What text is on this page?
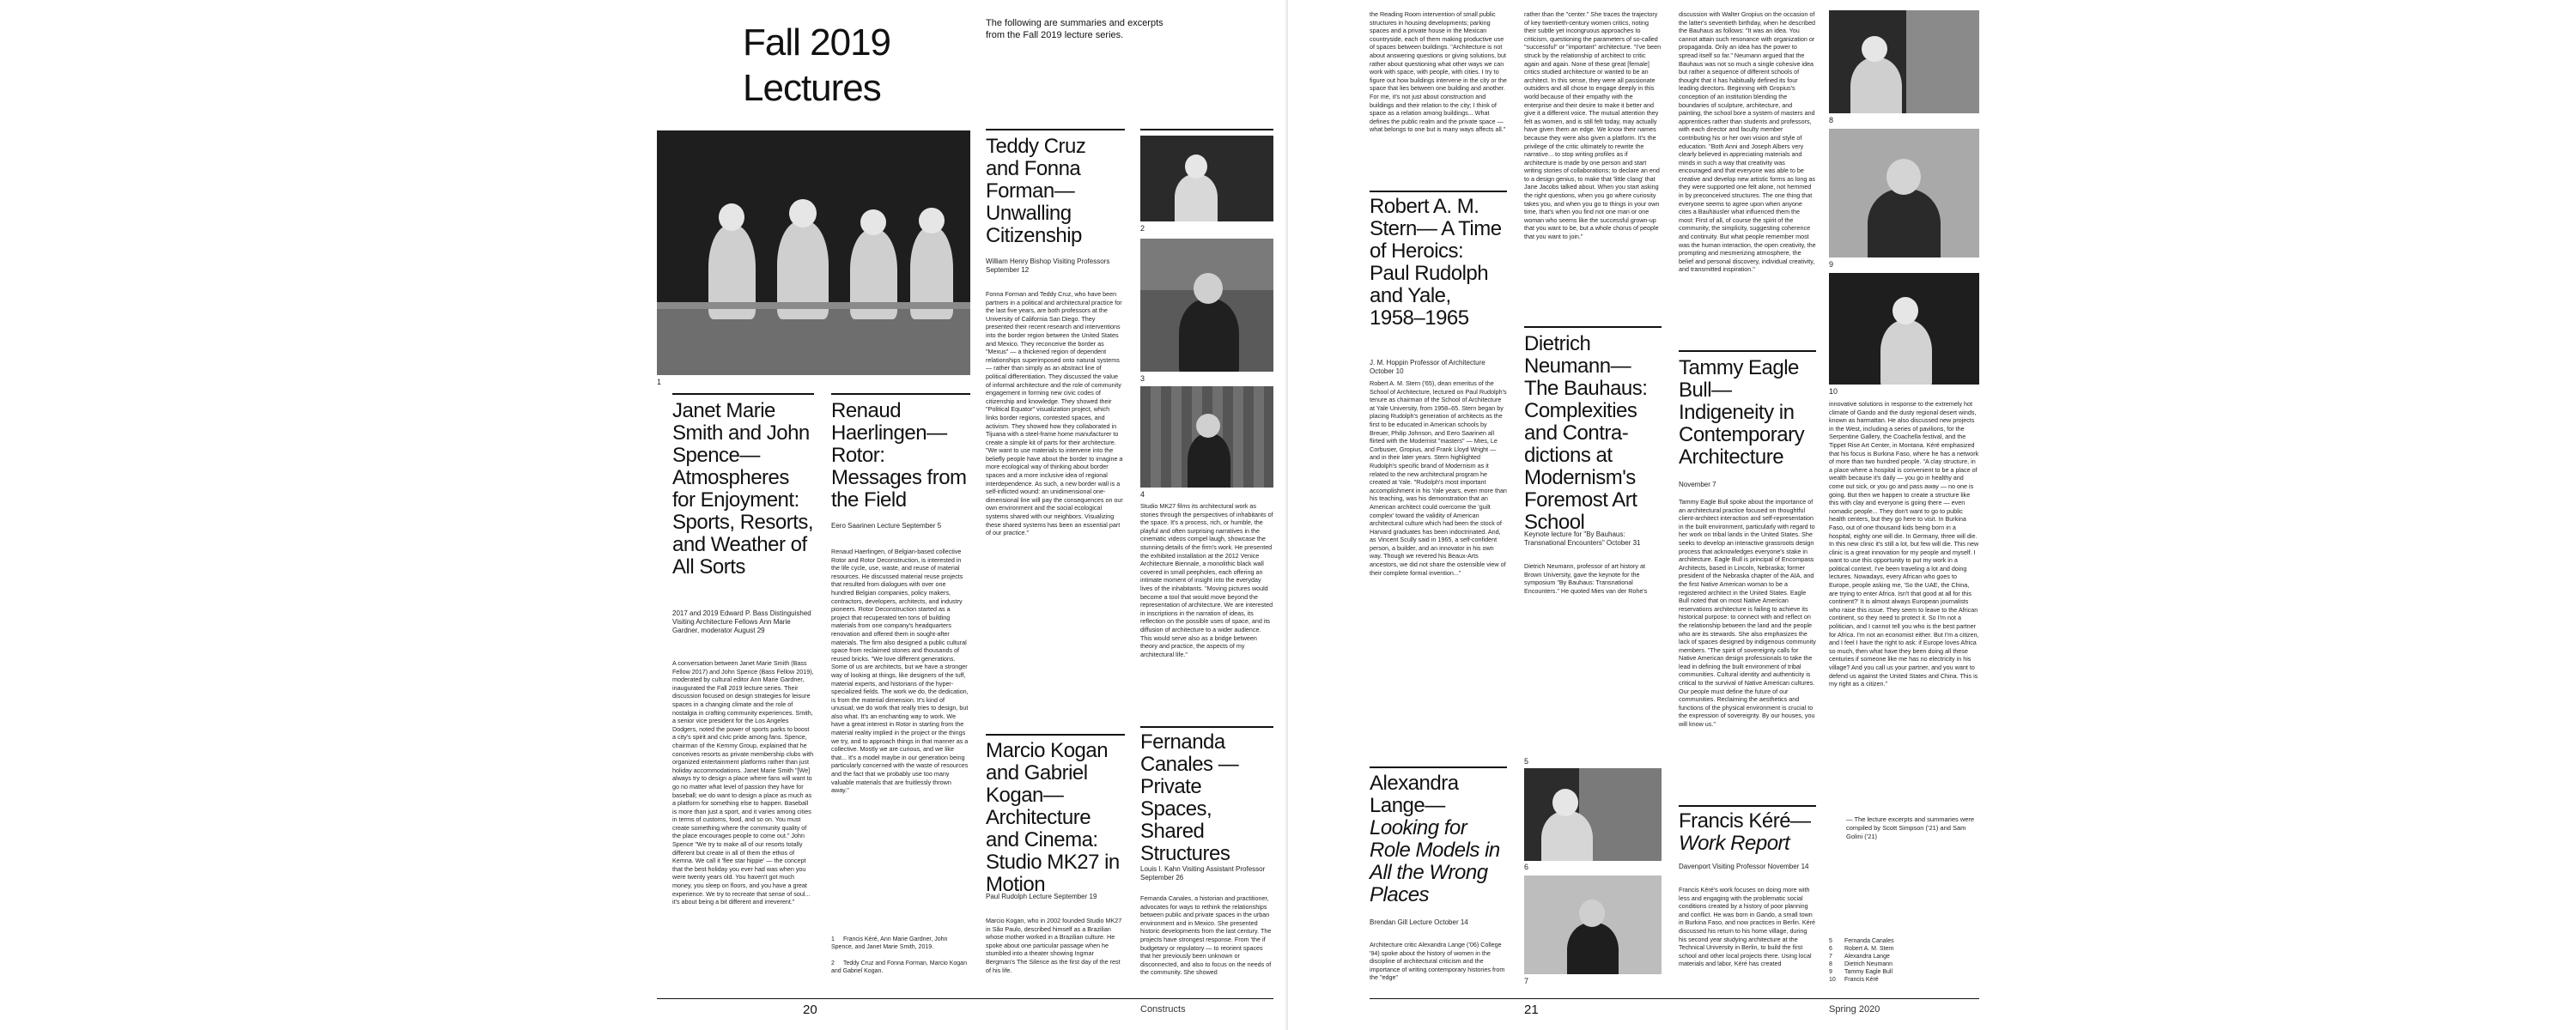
Fall 2019
Lectures
The following are summaries and excerpts from the Fall 2019 lecture series.
1
Janet Marie Smith and John Spence— Atmospheres for Enjoyment: Sports, Resorts, and Weather of All Sorts
2017 and 2019 Edward P. Bass Distinguished Visiting Architecture Fellows Ann Marie Gardner, moderator August 29
A conversation between Janet Marie Smith (Bass Fellow 2017) and John Spence (Bass Fellow 2019), moderated by cultural editor Ann Marie Gardner, inaugurated the Fall 2019 lecture series. Their discussion focused on design strategies for leisure spaces in a changing climate and the role of nostalgia in crafting community experiences. Smith, a senior vice president for the Los Angeles Dodgers, noted the power of sports parks to boost a city's spirit and civic pride among fans. Spence, chairman of the Kemmy Group, explained that he conceives resorts as private membership clubs with organized entertainment platforms rather than just holiday accommodations. Janet Marie Smith "[We] always try to design a place where fans will want to go no matter what level of passion they have for baseball; we do want to design a place as much as a platform for something else to happen. Baseball is more than just a sport, and it varies among cities in terms of customs, food, and so on. You must create something where the community quality of the place encourages people to come out." John Spence "We try to make all of our resorts totally different but create in all of them the ethos of Kemna. We call it 'flee star hippie' — the concept that the best holiday you ever had was when you were twenty years old. You haven't got much money, you sleep on floors, and you have a great experience. We try to recreate that sense of soul... it's about being a bit different and irreverent."
Renaud Haerlingen— Rotor: Messages from the Field
Eero Saarinen Lecture September 5
Renaud Haerlingen, of Belgian-based collective Rotor and Rotor Deconstruction, is interested in the life cycle, use, waste, and reuse of material resources. He discussed material reuse projects that resulted from dialogues with over one hundred Belgian companies, policy makers, contractors, developers, architects, and industry pioneers. Rotor Deconstruction started as a project that recuperated ten tons of building materials from one company's headquarters renovation and offered them in sought-after materials. The firm also designed a public cultural space from reclaimed stones and thousands of reused bricks. "We love different generations. Some of us are architects, but we have a stronger way of looking at things, like designers of the tuff, material experts, and historians of the hyper-specialized fields. The work we do, the dedication, is from the material dimension. It's kind of unusual; we do work that really tries to design, but also what. It's an enchanting way to work. We have a great interest in Rotor in starting from the material reality implied in the project or the things we try, and to approach things in that manner as a collective. Mostly we are curious, and we like that... It's a model maybe in our generation being particularly concerned with the waste of resources and the fact that we probably use too many valuable materials that are fruitlessly thrown away."
1 Francis Kéré, Ann Marie Gardner, John Spence, and Janet Marie Smith, 2019.
2 Teddy Cruz and Fonna Forman, Marcio Kogan and Gabriel Kogan.
Teddy Cruz and Fonna Forman— Unwalling Citizenship
William Henry Bishop Visiting Professors September 12
Fonna Forman and Teddy Cruz, who have been partners in a political and architectural practice for the last five years, are both professors at the University of California San Diego. They presented their recent research and interventions into the border region between the United States and Mexico. They reconceive the border as "Mexus" — a thickened region of dependent relationships superimposed onto natural systems — rather than simply as an abstract line of political differentiation. They discussed the value of informal architecture and the role of community engagement in forming new civic codes of citizenship and knowledge. They showed their "Political Equator" visualization project, which links border regions, contested spaces, and activism. They showed how they collaborated in Tijuana with a steel-frame home manufacturer to create a simple kit of parts for their architecture. "We want to use materials to intervene into the beliefly people have about the border to imagine a more ecological way of thinking about border spaces and a more inclusive idea of regional interdependence. As such, a new border wall is a self-inflicted wound: an unidimensional one-dimensional line will pay the consequences on our own environment and the social ecological systems shared with our neighbors. Visualizing these shared systems has been an essential part of our practice."
Marcio Kogan and Gabriel Kogan— Architecture and Cinema: Studio MK27 in Motion
Paul Rudolph Lecture September 19
Marcio Kogan, who in 2002 founded Studio MK27 in São Paulo, described himself as a Brazilian whose mother worked in a Brazilian culture. He spoke about one particular passage when he stumbled into a theater showing Ingmar Bergman's The Silence as the first day of the rest of his life.
2
3
4
Studio MK27 films its architectural work as stories through the perspectives of inhabitants of the space. It's a process, rich, or humble, the playful and often surprising narratives in the cinematic videos compel laugh, showcase the stunning details of the firm's work. He presented the exhibited installation at the 2012 Venice Architecture Biennale, a monolithic black wall covered in small peepholes, each offering an intimate moment of insight into the everyday lives of the inhabitants. "Moving pictures would become a tool that would move beyond the representation of architecture. We are interested in inscriptions in the narration of ideas, its reflection on the possible uses of space, and its diffusion of architecture to a wider audience. This would serve also as a bridge between theory and practice, the aspects of my architectural life."
Fernanda Canales —Private Spaces, Shared Structures
Louis I. Kahn Visiting Assistant Professor September 26
Fernanda Canales, a historian and practitioner, advocates for ways to rethink the relationships between public and private spaces in the urban environment and in Mexico. She presented historic developments from the last century. The projects have strongest response. From 'the if budgetary or regulatory — to reorient spaces that her previously been unknown or disconnected, and also to focus on the needs of the community. She showed
20	Constructs
the Reading Room intervention of small public structures in housing developments; parking spaces and a private house in the Mexican countryside, each of them making productive use of spaces between buildings. "Architecture is not about answering questions or giving solutions, but rather about questioning what other ways we can work with space, with people, with cities. I try to figure out how buildings intervene in the city or the space that lies between one building and another. For me, it's not just about construction and buildings and their relation to the city; I think of space as a relation among buildings... What defines the public realm and the private space — what belongs to one but is many ways affects all."
Robert A. M. Stern— A Time of Heroics: Paul Rudolph and Yale, 1958–1965
J. M. Hoppin Professor of Architecture October 10
Robert A. M. Stern ('65), dean emeritus of the School of Architecture, lectured on Paul Rudolph's tenure as chairman of the School of Architecture at Yale University, from 1958–65. Stern began by placing Rudolph's generation of architects as the first to be educated in American schools by Breuer, Philip Johnson, and Eero Saarinen all flirted with the Modernist "masters" — Mies, Le Corbusier, Gropius, and Frank Lloyd Wright — and in their later years. Stern highlighted Rudolph's specific brand of Modernism as it related to the new architectural program he created at Yale. "Rudolph's most important accomplishment in his Yale years, even more than his teaching, was his demonstration that an American architect could overcome the 'guilt complex' toward the validity of American architectural culture which had been the stock of Harvard graduates has been indoctrinated. And, as Vincent Scully said in 1965, a self-confident person, a builder, and an innovator in his own way. Though we revered his Beaux-Arts ancestors, we did not share the ostensible view of their complete formal invention..."
Alexandra Lange— Looking for Role Models in All the Wrong Places
Brendan Gill Lecture October 14
Architecture critic Alexandra Lange ('06) College '94) spoke about the history of women in the discipline of architectural criticism and the importance of writing contemporary histories from the "edge"
rather than the "center." She traces the trajectory of key twentieth-century women critics, noting their subtle yet incongruous approaches to criticism, questioning the parameters of so-called "successful" or "important" architecture. "I've been struck by the relationship of architect to critic again and again. None of these great [female] critics studied architecture or wanted to be an architect. In this sense, they were all passionate outsiders and all chose to engage deeply in this world because of their empathy with the enterprise and their desire to make it better and give it a different voice. The mutual attention they felt as women, and is still felt today, may actually have given them an edge. We know their names because they were also given a platform. It's the privilege of the critic ultimately to rewrite the narrative... to stop writing profiles as if architecture is made by one person and start writing stories of collaborations; to declare an end to a design genius, to make that 'little clang' that Jane Jacobs talked about. When you start asking the right questions, when you go where curiosity takes you, and when you go to things in your own time, that's when you find not one man or one woman who seems like the successful grown-up that you want to be, but a whole chorus of people that you want to join."
Dietrich Neumann— The Bauhaus: Complexities and Contra- dictions at Modernism's Foremost Art School
Keynote lecture for "By Bauhaus: Transnational Encounters" October 31
Dietrich Neumann, professor of art history at Brown University, gave the keynote for the symposium "By Bauhaus: Transnational Encounters." He quoted Mies van der Rohe's
6
7
discussion with Walter Gropius on the occasion of the latter's seventieth birthday, when he described the Bauhaus as follows: "It was an idea. You cannot attain such resonance with organization or propaganda. Only an idea has the power to spread itself so far." Neumann argued that the Bauhaus was not so much a single cohesive idea but rather a sequence of different schools of thought that it has habitually defined its four leading directors. Beginning with Gropius's conception of an institution blending the boundaries of sculpture, architecture, and painting, the school bore a system of masters and apprentices rather than students and professors, with each director and faculty member contributing his or her own vision and style of education. "Both Anni and Joseph Albers very clearly believed in appreciating materials and minds in such a way that creativity was encouraged and that everyone was able to be creative and develop new artistic forms as long as they were supported one felt alone, not hemmed in by preconceived structures. The one thing that everyone seems to agree upon when anyone cites a Bauhäusler what influenced them the most: First of all, of course the spirit of the community, the simplicity, suggesting coherence and continuity. But what people remember most was the human interaction, the open creativity, the prompting and mesmerizing atmosphere, the belief and personal discovery, individual creativity, and transmitted inspiration."
Tammy Eagle Bull— Indigeneity in Contemporary Architecture
November 7
Tammy Eagle Bull spoke about the importance of an architectural practice focused on thoughtful client-architect interaction and self-representation in the built environment, particularly with regard to her work on tribal lands in the United States. She seeks to develop an interactive grassroots design process that acknowledges everyone's stake in architecture. Eagle Bull is principal of Encompass Architects, based in Lincoln, Nebraska; former president of the Nebraska chapter of the AIA, and the first Native American woman to be a registered architect in the United States. Eagle Bull noted that on most Native American reservations architecture is failing to achieve its historical purpose: to connect with and reflect on the relationship between the land and the people who are its stewards. She also emphasizes the lack of spaces designed by indigenous community members. "The spirit of sovereignty calls for Native American design professionals to take the lead in defining the built environment of tribal communities. Cultural identity and authenticity is critical to the survival of Native American cultures. Our people must define the future of our communities. Reclaiming the aesthetics and functions of the physical environment is crucial to the expression of sovereignty. By our houses, you will know us."
Francis Kéré— Work Report
Davenport Visiting Professor November 14
Francis Kéré's work focuses on doing more with less and engaging with the problematic social conditions created by a history of poor planning and conflict. He was born in Gando, a small town in Burkina Faso, and now practices in Berlin. Kéré discussed his return to his home village, during his second year studying architecture at the Technical University in Berlin, to build the first school and other local projects there. Using local materials and labor, Kéré has created
8
9
10
innovative solutions in response to the extremely hot climate of Gando and the dusty regional desert winds, known as harmattan. He also discussed new projects in the West, including a series of pavilions, for the Serpentine Gallery, the Coachella festival, and the Tippet Rise Art Center, in Montana. Kéré emphasized that his focus is Burkina Faso, where he has a network of more than two hundred people. "A clay structure, in a place where a hospital is convenient to be a place of wealth because it's daily — you go in healthy and come out sick, or you go and pass away — no one is going. But then we happen to create a structure like this with clay and everyone is going there — even nomadic people... They don't want to go to public health centers, but they go here to visit. In Burkina Faso, out of one thousand kids being born in a hospital, eighty one will die. In Germany, three will die. In this new clinic it's still a lot, but few will die. This new clinic is a great innovation for my people and myself. I want to use this opportunity to put my work in a political context. I've been traveling a lot and doing lectures. Nowadays, every African who goes to Europe, people asking me, 'So the UAE, the China, are trying to enter Africa. Isn't that good at all for this continent?' It is almost always European journalists who raise this issue. They seem to leave to the African continent, so they need to protect it. So I'm not a politician, and I cannot tell you who is the best partner for Africa. I'm not an economist either. But I'm a citizen, and I feel I have the right to ask: if Europe loves Africa so much, then what have they been doing all these centuries if someone like me has no electricity in his village? And you call us your partner, and you want to defend us against the United States and China. This is my right as a citizen."
— The lecture excerpts and summaries were compiled by Scott Simpson ('21) and Sam Golini ('21)
5 Fernanda Canales
6 Robert A. M. Stern
7 Alexandra Lange
8 Dietrich Neumann
9 Tammy Eagle Bull
10 Francis Kéré
5
21	Spring 2020
